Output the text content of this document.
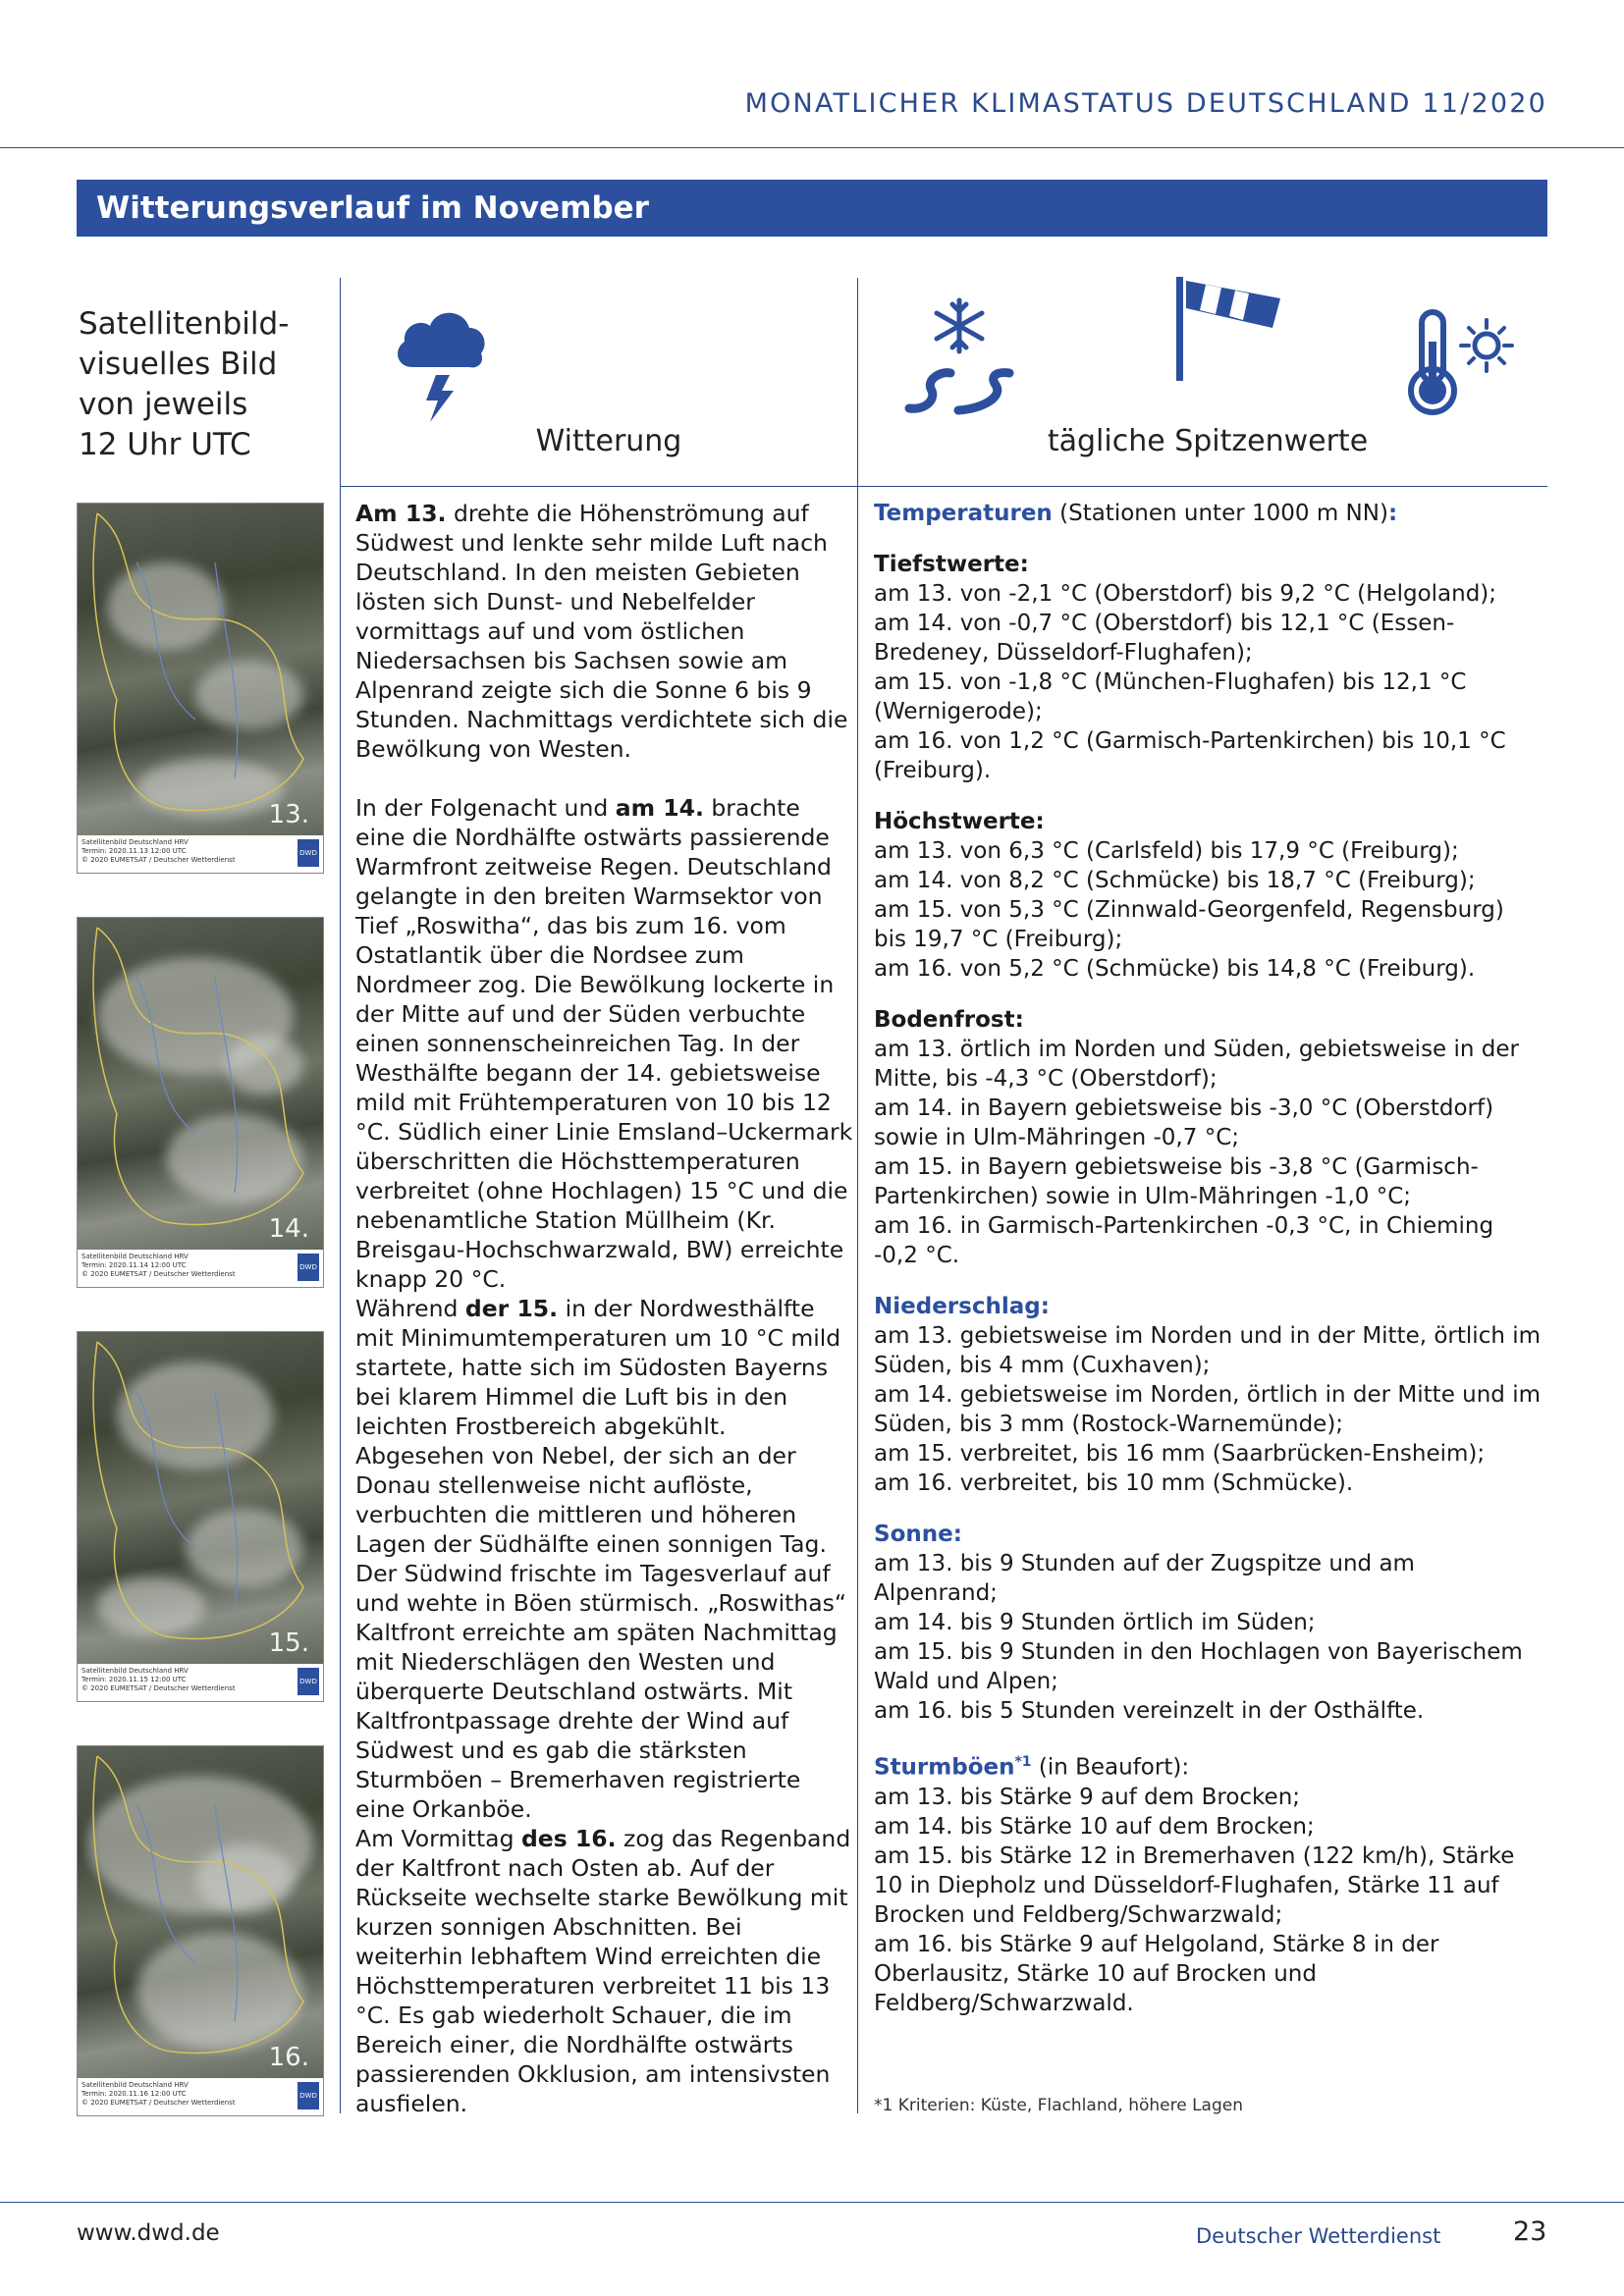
MONATLICHER KLIMASTATUS DEUTSCHLAND 11/2020
Witterungsverlauf im November
Satellitenbild-
visuelles Bild
von jeweils
12 Uhr UTC	Witterung	tägliche Spitzenwerte
13.
Satellitenbild Deutschland HRV
Termin: 2020.11.13 12:00 UTC
© 2020 EUMETSAT / Deutscher Wetterdienst
DWD
14.
Satellitenbild Deutschland HRV
Termin: 2020.11.14 12:00 UTC
© 2020 EUMETSAT / Deutscher Wetterdienst
DWD
15.
Satellitenbild Deutschland HRV
Termin: 2020.11.15 12:00 UTC
© 2020 EUMETSAT / Deutscher Wetterdienst
DWD
16.
Satellitenbild Deutschland HRV
Termin: 2020.11.16 12:00 UTC
© 2020 EUMETSAT / Deutscher Wetterdienst
DWD

Am 13. drehte die Höhenströmung auf Südwest und lenkte sehr milde Luft nach Deutschland. In den meisten Gebieten lösten sich Dunst- und Nebelfelder vormittags auf und vom östlichen Niedersachsen bis Sachsen sowie am Alpenrand zeigte sich die Sonne 6 bis 9 Stunden. Nachmittags verdichtete sich die Bewölkung von Westen.

In der Folgenacht und am 14. brachte eine die Nordhälfte ostwärts passierende Warmfront zeitweise Regen. Deutschland gelangte in den breiten Warmsektor von Tief „Roswitha“, das bis zum 16. vom Ostatlantik über die Nordsee zum Nordmeer zog. Die Bewölkung lockerte in der Mitte auf und der Süden verbuchte einen sonnenscheinreichen Tag. In der Westhälfte begann der 14. gebietsweise mild mit Frühtemperaturen von 10 bis 12 °C. Südlich einer Linie Emsland–Uckermark überschritten die Höchsttemperaturen verbreitet (ohne Hochlagen) 15 °C und die nebenamtliche Station Müllheim (Kr. Breisgau-Hochschwarzwald, BW) erreichte knapp 20 °C.

Während der 15. in der Nordwesthälfte mit Minimumtemperaturen um 10 °C mild startete, hatte sich im Südosten Bayerns bei klarem Himmel die Luft bis in den leichten Frostbereich abgekühlt. Abgesehen von Nebel, der sich an der Donau stellenweise nicht auflöste, verbuchten die mittleren und höheren Lagen der Südhälfte einen sonnigen Tag. Der Südwind frischte im Tagesverlauf auf und wehte in Böen stürmisch. „Roswithas“ Kaltfront erreichte am späten Nachmittag mit Niederschlägen den Westen und überquerte Deutschland ostwärts. Mit Kaltfrontpassage drehte der Wind auf Südwest und es gab die stärksten Sturmböen – Bremerhaven registrierte eine Orkanböe.

Am Vormittag des 16. zog das Regenband der Kaltfront nach Osten ab. Auf der Rückseite wechselte starke Bewölkung mit kurzen sonnigen Abschnitten. Bei weiterhin lebhaftem Wind erreichten die Höchsttemperaturen verbreitet 11 bis 13 °C. Es gab wiederholt Schauer, die im Bereich einer, die Nordhälfte ostwärts passierenden Okklusion, am intensivsten ausfielen.

Temperaturen (Stationen unter 1000 m NN):
Tiefstwerte:
am 13. von -2,1 °C (Oberstdorf) bis 9,2 °C (Helgoland);
am 14. von -0,7 °C (Oberstdorf) bis 12,1 °C (Essen-Bredeney, Düsseldorf-Flughafen);
am 15. von -1,8 °C (München-Flughafen) bis 12,1 °C (Wernigerode);
am 16. von 1,2 °C (Garmisch-Partenkirchen) bis 10,1 °C (Freiburg).
Höchstwerte:
am 13. von 6,3 °C (Carlsfeld) bis 17,9 °C (Freiburg);
am 14. von 8,2 °C (Schmücke) bis 18,7 °C (Freiburg);
am 15. von 5,3 °C (Zinnwald-Georgenfeld, Regensburg) bis 19,7 °C (Freiburg);
am 16. von 5,2 °C (Schmücke) bis 14,8 °C (Freiburg).
Bodenfrost:
am 13. örtlich im Norden und Süden, gebietsweise in der Mitte, bis -4,3 °C (Oberstdorf);
am 14. in Bayern gebietsweise bis -3,0 °C (Oberstdorf) sowie in Ulm-Mähringen -0,7 °C;
am 15. in Bayern gebietsweise bis -3,8 °C (Garmisch-Partenkirchen) sowie in Ulm-Mähringen -1,0 °C;
am 16. in Garmisch-Partenkirchen -0,3 °C, in Chieming -0,2 °C.
Niederschlag:
am 13. gebietsweise im Norden und in der Mitte, örtlich im Süden, bis 4 mm (Cuxhaven);
am 14. gebietsweise im Norden, örtlich in der Mitte und im Süden, bis 3 mm (Rostock-Warnemünde);
am 15. verbreitet, bis 16 mm (Saarbrücken-Ensheim);
am 16. verbreitet, bis 10 mm (Schmücke).
Sonne:
am 13. bis 9 Stunden auf der Zugspitze und am Alpenrand;
am 14. bis 9 Stunden örtlich im Süden;
am 15. bis 9 Stunden in den Hochlagen von Bayerischem Wald und Alpen;
am 16. bis 5 Stunden vereinzelt in der Osthälfte.
Sturmböen$^{*1}$ (in Beaufort):
am 13. bis Stärke 9 auf dem Brocken;
am 14. bis Stärke 10 auf dem Brocken;
am 15. bis Stärke 12 in Bremerhaven (122 km/h), Stärke 10 in Diepholz und Düsseldorf-Flughafen, Stärke 11 auf Brocken und Feldberg/Schwarzwald;
am 16. bis Stärke 9 auf Helgoland, Stärke 8 in der Oberlausitz, Stärke 10 auf Brocken und Feldberg/Schwarzwald.
*1 Kriterien: Küste, Flachland, höhere Lagen
www.dwd.de	Deutscher Wetterdienst	23
